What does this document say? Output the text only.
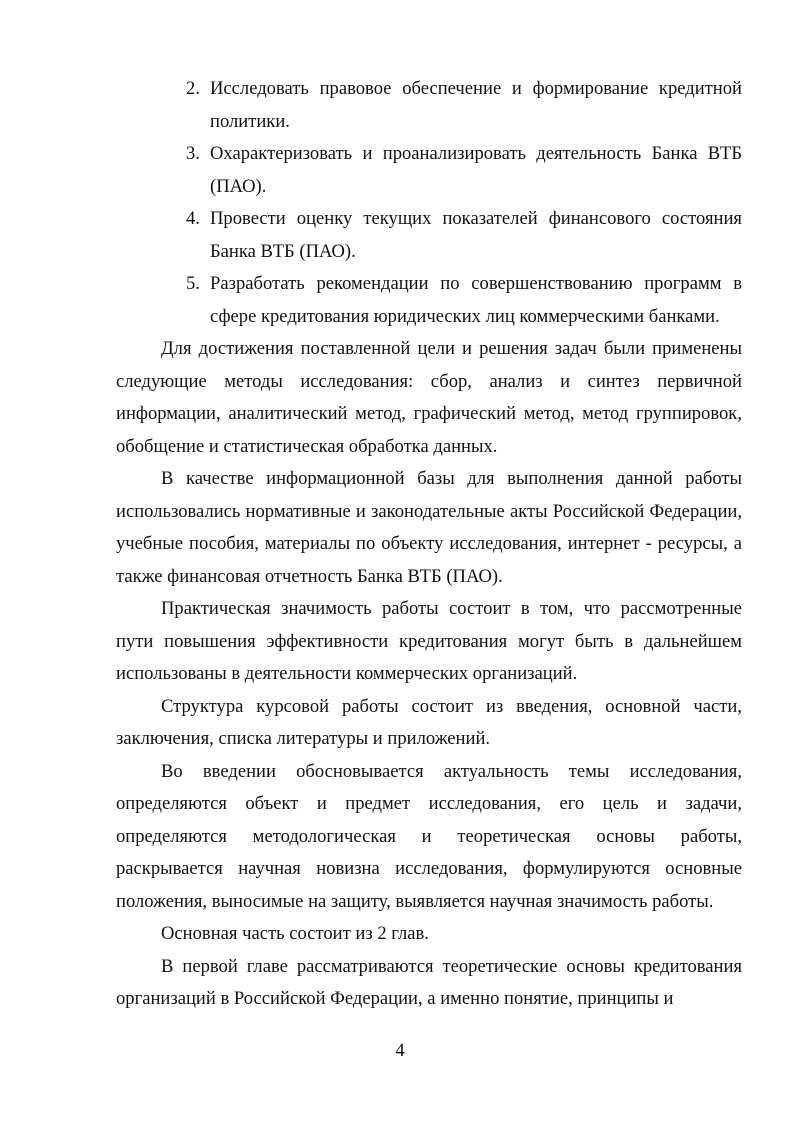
2. Исследовать правовое обеспечение и формирование кредитной политики.
3. Охарактеризовать и проанализировать деятельность Банка ВТБ (ПАО).
4. Провести оценку текущих показателей финансового состояния Банка ВТБ (ПАО).
5. Разработать рекомендации по совершенствованию программ в сфере кредитования юридических лиц коммерческими банками.

Для достижения поставленной цели и решения задач были применены следующие методы исследования: сбор, анализ и синтез первичной информации, аналитический метод, графический метод, метод группировок, обобщение и статистическая обработка данных.

В качестве информационной базы для выполнения данной работы использовались нормативные и законодательные акты Российской Федерации, учебные пособия, материалы по объекту исследования, интернет - ресурсы, а также финансовая отчетность Банка ВТБ (ПАО).

Практическая значимость работы состоит в том, что рассмотренные пути повышения эффективности кредитования могут быть в дальнейшем использованы в деятельности коммерческих организаций.

Структура курсовой работы состоит из введения, основной части, заключения, списка литературы и приложений.

Во введении обосновывается актуальность темы исследования, определяются объект и предмет исследования, его цель и задачи, определяются методологическая и теоретическая основы работы, раскрывается научная новизна исследования, формулируются основные положения, выносимые на защиту, выявляется научная значимость работы.

Основная часть состоит из 2 глав.

В первой главе рассматриваются теоретические основы кредитования организаций в Российской Федерации, а именно понятие, принципы и

4
